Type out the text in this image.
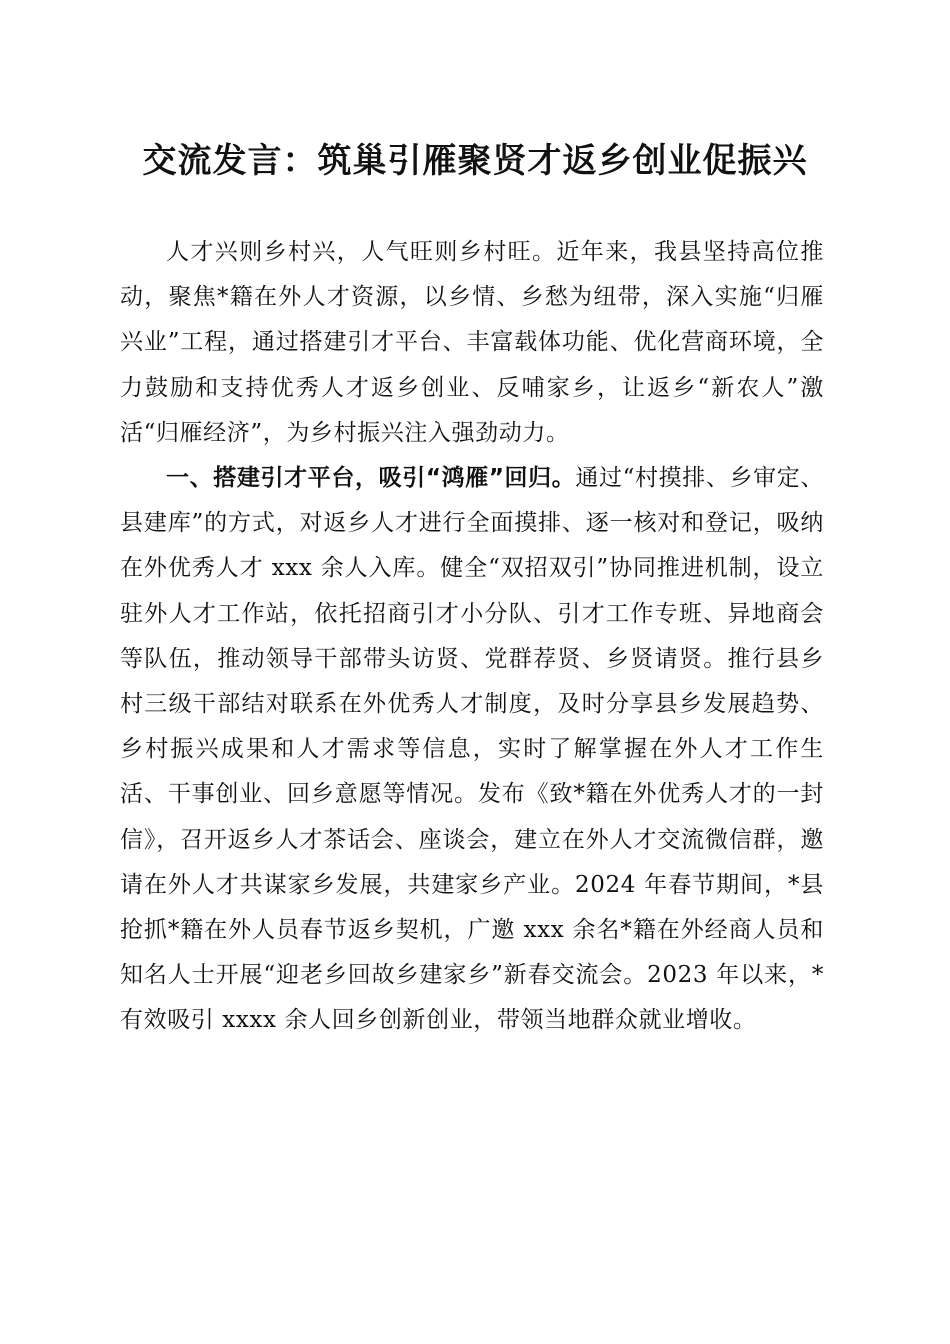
交流发言：筑巢引雁聚贤才返乡创业促振兴

人才兴则乡村兴，人气旺则乡村旺。近年来，我县坚持高位推动，聚焦*籍在外人才资源，以乡情、乡愁为纽带，深入实施“归雁兴业”工程，通过搭建引才平台、丰富载体功能、优化营商环境，全力鼓励和支持优秀人才返乡创业、反哺家乡，让返乡“新农人”激活“归雁经济”，为乡村振兴注入强劲动力。

一、搭建引才平台，吸引“鸿雁”回归。通过“村摸排、乡审定、县建库”的方式，对返乡人才进行全面摸排、逐一核对和登记，吸纳在外优秀人才 xxx 余人入库。健全“双招双引”协同推进机制，设立驻外人才工作站，依托招商引才小分队、引才工作专班、异地商会等队伍，推动领导干部带头访贤、党群荐贤、乡贤请贤。推行县乡村三级干部结对联系在外优秀人才制度，及时分享县乡发展趋势、乡村振兴成果和人才需求等信息，实时了解掌握在外人才工作生活、干事创业、回乡意愿等情况。发布《致*籍在外优秀人才的一封信》，召开返乡人才茶话会、座谈会，建立在外人才交流微信群，邀请在外人才共谋家乡发展，共建家乡产业。2024 年春节期间，*县抢抓*籍在外人员春节返乡契机，广邀 xxx 余名*籍在外经商人员和知名人士开展“迎老乡回故乡建家乡”新春交流会。2023 年以来，*有效吸引 xxxx 余人回乡创新创业，带领当地群众就业增收。
